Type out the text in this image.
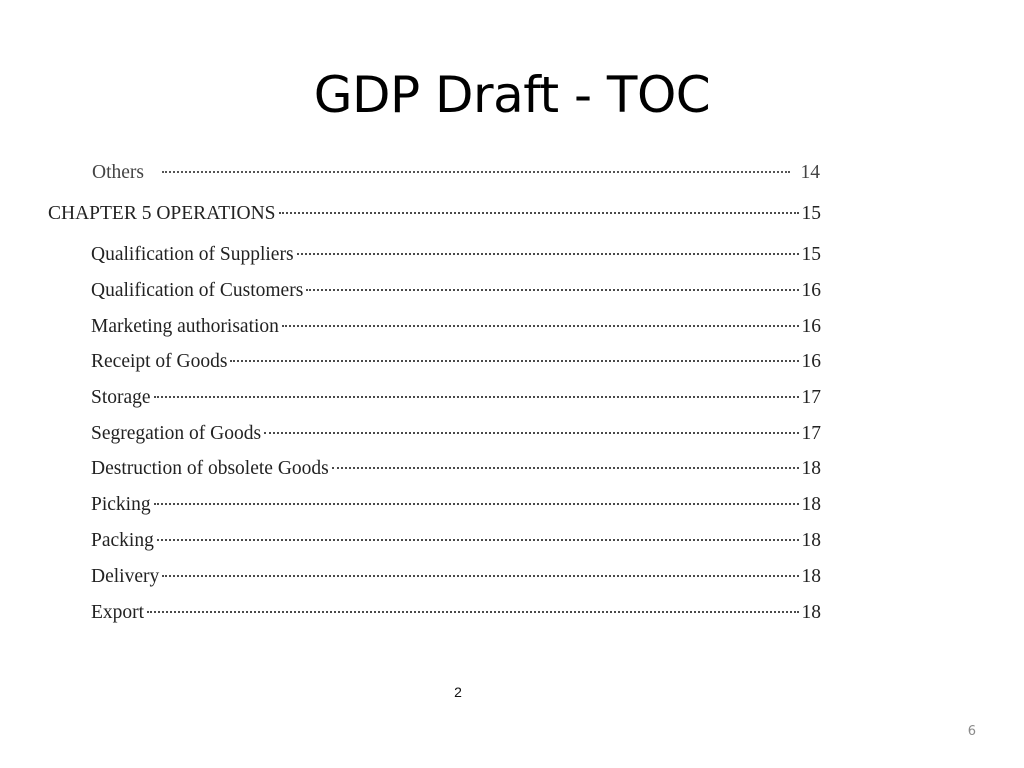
GDP Draft - TOC
Others	14
CHAPTER 5 OPERATIONS	15
Qualification of Suppliers	15
Qualification of Customers	16
Marketing authorisation	16
Receipt of Goods	16
Storage	17
Segregation of Goods	17
Destruction of obsolete Goods	18
Picking	18
Packing	18
Delivery	18
Export	18
2
6
